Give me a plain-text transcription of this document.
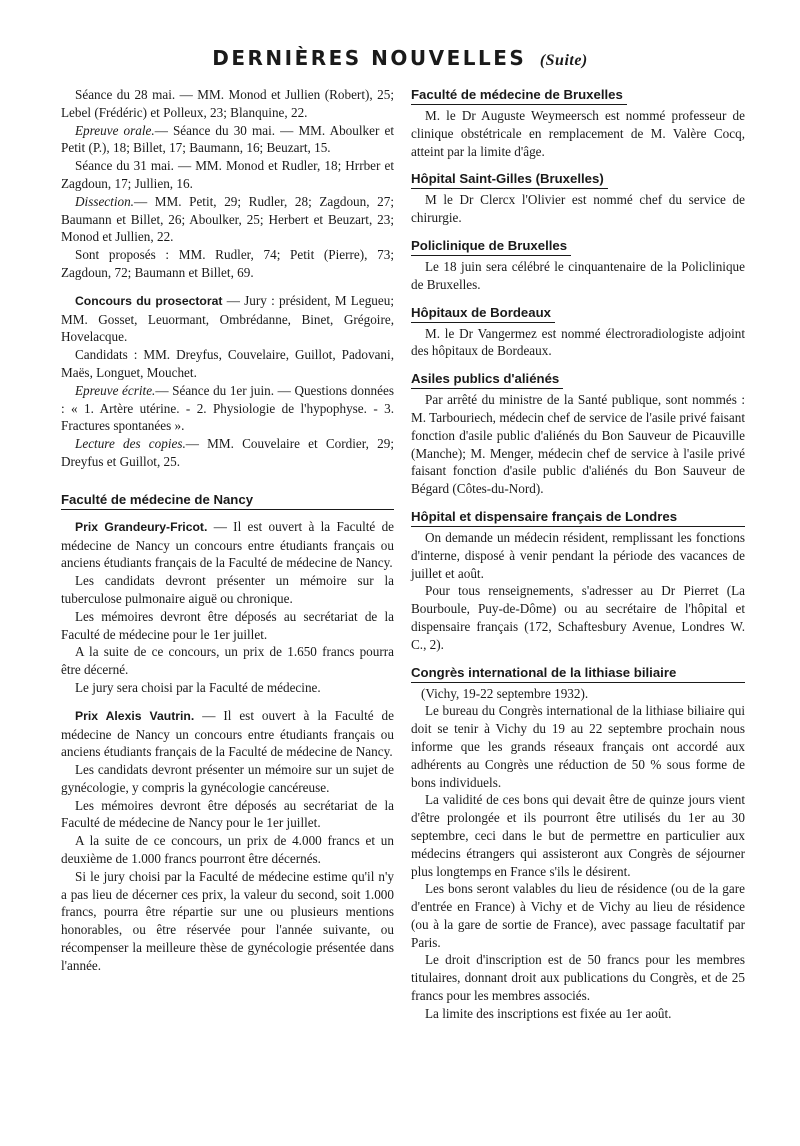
DERNIÈRES NOUVELLES (Suite)

Séance du 28 mai. — MM. Monod et Jullien (Robert), 25; Lebel (Frédéric) et Polleux, 23; Blanquine, 22.

Epreuve orale.— Séance du 30 mai. — MM. Aboulker et Petit (P.), 18; Billet, 17; Baumann, 16; Beuzart, 15.

Séance du 31 mai. — MM. Monod et Rudler, 18; Hrrber et Zagdoun, 17; Jullien, 16.

Dissection.— MM. Petit, 29; Rudler, 28; Zagdoun, 27; Baumann et Billet, 26; Aboulker, 25; Herbert et Beuzart, 23; Monod et Jullien, 22.

Sont proposés : MM. Rudler, 74; Petit (Pierre), 73; Zagdoun, 72; Baumann et Billet, 69.

Concours du prosectorat — Jury : président, M Legueu; MM. Gosset, Leuormant, Ombrédanne, Binet, Grégoire, Hovelacque.

Candidats : MM. Dreyfus, Couvelaire, Guillot, Padovani, Maës, Longuet, Mouchet.

Epreuve écrite.— Séance du 1er juin. — Questions données : « 1. Artère utérine. - 2. Physiologie de l'hypophyse. - 3. Fractures spontanées ».

Lecture des copies.— MM. Couvelaire et Cordier, 29; Dreyfus et Guillot, 25.

Faculté de médecine de Nancy

Prix Grandeury-Fricot. — Il est ouvert à la Faculté de médecine de Nancy un concours entre étudiants français ou anciens étudiants français de la Faculté de médecine de Nancy.

Les candidats devront présenter un mémoire sur la tuberculose pulmonaire aiguë ou chronique.

Les mémoires devront être déposés au secrétariat de la Faculté de médecine pour le 1er juillet.

A la suite de ce concours, un prix de 1.650 francs pourra être décerné.

Le jury sera choisi par la Faculté de médecine.

Prix Alexis Vautrin. — Il est ouvert à la Faculté de médecine de Nancy un concours entre étudiants français ou anciens étudiants français de la Faculté de médecine de Nancy.

Les candidats devront présenter un mémoire sur un sujet de gynécologie, y compris la gynécologie cancéreuse.

Les mémoires devront être déposés au secrétariat de la Faculté de médecine de Nancy pour le 1er juillet.

A la suite de ce concours, un prix de 4.000 francs et un deuxième de 1.000 francs pourront être décernés.

Si le jury choisi par la Faculté de médecine estime qu'il n'y a pas lieu de décerner ces prix, la valeur du second, soit 1.000 francs, pourra être répartie sur une ou plusieurs mentions honorables, ou être réservée pour l'année suivante, ou récompenser la meilleure thèse de gynécologie présentée dans l'année.

Faculté de médecine de Bruxelles

M. le Dr Auguste Weymeersch est nommé professeur de clinique obstétricale en remplacement de M. Valère Cocq, atteint par la limite d'âge.

Hôpital Saint-Gilles (Bruxelles)

M le Dr Clercx l'Olivier est nommé chef du service de chirurgie.

Policlinique de Bruxelles

Le 18 juin sera célébré le cinquantenaire de la Policlinique de Bruxelles.

Hôpitaux de Bordeaux

M. le Dr Vangermez est nommé électroradiologiste adjoint des hôpitaux de Bordeaux.

Asiles publics d'aliénés

Par arrêté du ministre de la Santé publique, sont nommés : M. Tarbouriech, médecin chef de service de l'asile privé faisant fonction d'asile public d'aliénés du Bon Sauveur de Picauville (Manche); M. Menger, médecin chef de service à l'asile privé faisant fonction d'asile public d'aliénés du Bon Sauveur de Bégard (Côtes-du-Nord).

Hôpital et dispensaire français de Londres

On demande un médecin résident, remplissant les fonctions d'interne, disposé à venir pendant la période des vacances de juillet et août.

Pour tous renseignements, s'adresser au Dr Pierret (La Bourboule, Puy-de-Dôme) ou au secrétaire de l'hôpital et dispensaire français (172, Schaftesbury Avenue, Londres W. C., 2).

Congrès international de la lithiase biliaire

(Vichy, 19-22 septembre 1932).

Le bureau du Congrès international de la lithiase biliaire qui doit se tenir à Vichy du 19 au 22 septembre prochain nous informe que les grands réseaux français ont accordé aux adhérents au Congrès une réduction de 50 % sous forme de bons individuels.

La validité de ces bons qui devait être de quinze jours vient d'être prolongée et ils pourront être utilisés du 1er au 30 septembre, ceci dans le but de permettre en particulier aux médecins étrangers qui assisteront aux Congrès de séjourner plus longtemps en France s'ils le désirent.

Les bons seront valables du lieu de résidence (ou de la gare d'entrée en France) à Vichy et de Vichy au lieu de résidence (ou à la gare de sortie de France), avec passage facultatif par Paris.

Le droit d'inscription est de 50 francs pour les membres titulaires, donnant droit aux publications du Congrès, et de 25 francs pour les membres associés.

La limite des inscriptions est fixée au 1er août.
